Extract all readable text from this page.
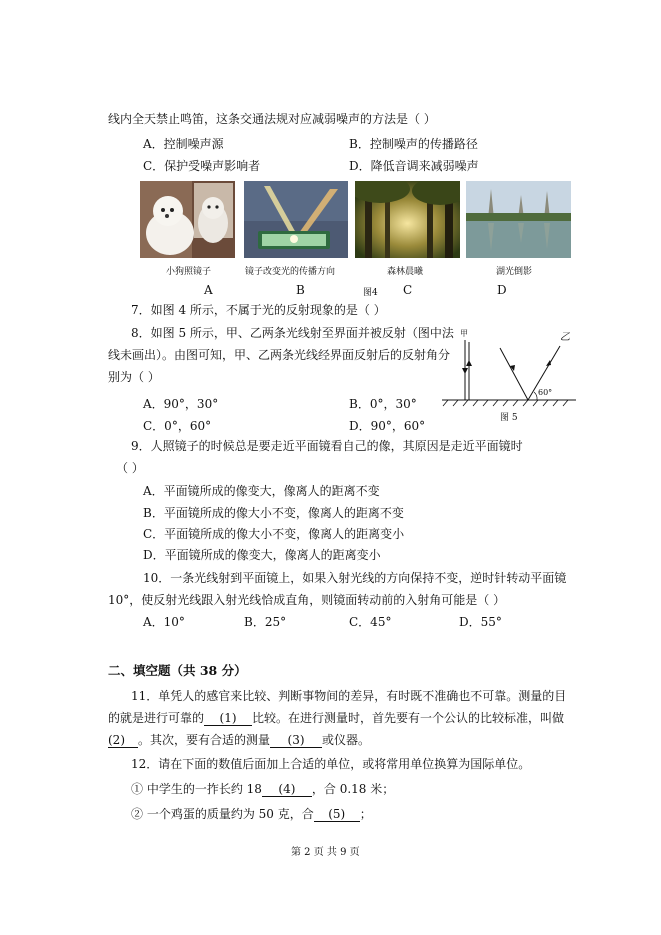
线内全天禁止鸣笛，这条交通法规对应减弱噪声的方法是（ ）
A．控制噪声源	B．控制噪声的传播路径
C．保护受噪声影响者	D．降低音调来减弱噪声
小狗照镜子	镜子改变光的传播方向	森林晨曦	湖光倒影
A	B	图4 C	D
7．如图 4 所示，不属于光的反射现象的是（ ）
8．如图 5 所示，甲、乙两条光线射至界面并被反射（图中法
线未画出）。由图可知，甲、乙两条光线经界面反射后的反射角分
别为（ ）
A．90°，30°	B．0°，30°
C．0°，60°	D．90°，60°
甲	乙
60°
图 5
9．人照镜子的时候总是要走近平面镜看自己的像，其原因是走近平面镜时
（ ）
A．平面镜所成的像变大，像离人的距离不变
B．平面镜所成的像大小不变，像离人的距离不变
C．平面镜所成的像大小不变，像离人的距离变小
D．平面镜所成的像变大，像离人的距离变小
10．一条光线射到平面镜上，如果入射光线的方向保持不变，逆时针转动平面镜
10°，使反射光线跟入射光线恰成直角，则镜面转动前的入射角可能是（ ）
A．10°	B．25°	C．45°	D．55°
二、填空题（共 38 分）
11．单凭人的感官来比较、判断事物间的差异，有时既不准确也不可靠。测量的目
的就是进行可靠的 (1) 比较。在进行测量时，首先要有一个公认的比较标准，叫做
(2) 。其次，要有合适的测量 (3) 或仪器。
12．请在下面的数值后面加上合适的单位，或将常用单位换算为国际单位。
① 中学生的一拃长约 18 (4) ，合 0.18 米；
② 一个鸡蛋的质量约为 50 克，合 (5) ；
第 2 页 共 9 页
